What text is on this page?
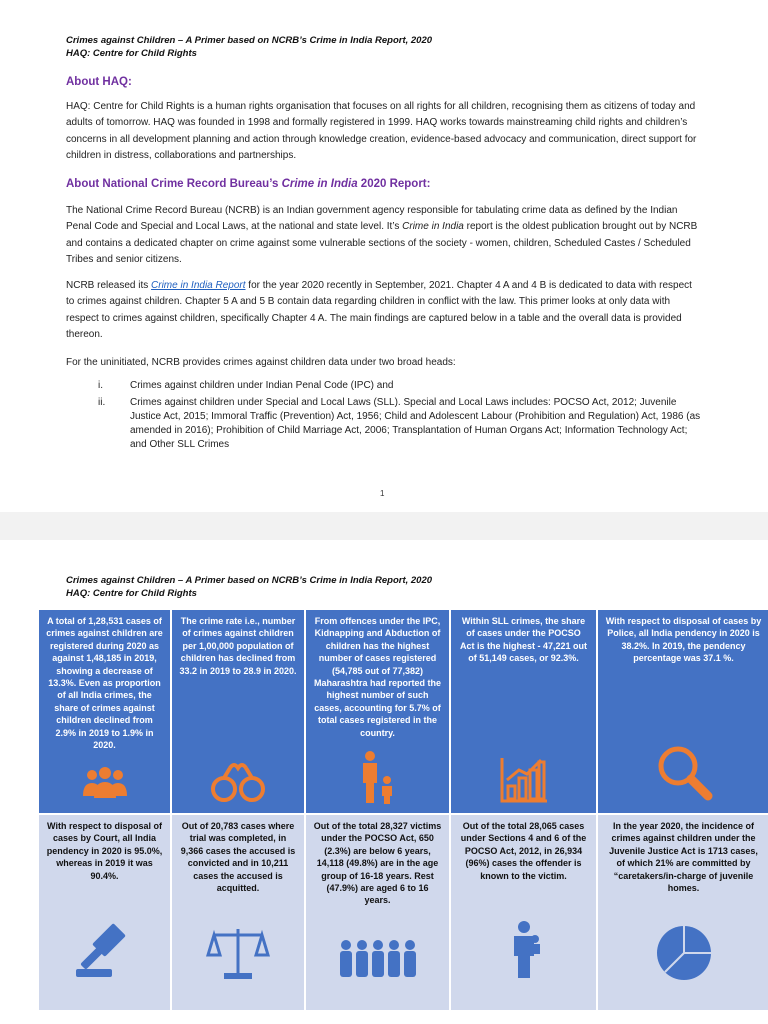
Crimes against Children – A Primer based on NCRB’s Crime in India Report, 2020
HAQ: Centre for Child Rights
About HAQ:

HAQ: Centre for Child Rights is a human rights organisation that focuses on all rights for all children, recognising them as citizens of today and adults of tomorrow. HAQ was founded in 1998 and formally registered in 1999. HAQ works towards mainstreaming child rights and children’s concerns in all development planning and action through knowledge creation, evidence-based advocacy and communication, direct support for children in distress, collaborations and partnerships.

About National Crime Record Bureau’s Crime in India 2020 Report:

The National Crime Record Bureau (NCRB) is an Indian government agency responsible for tabulating crime data as defined by the Indian Penal Code and Special and Local Laws, at the national and state level. It’s Crime in India report is the oldest publication brought out by NCRB and contains a dedicated chapter on crime against some vulnerable sections of the society - women, children, Scheduled Castes / Scheduled Tribes and senior citizens.

NCRB released its Crime in India Report for the year 2020 recently in September, 2021. Chapter 4 A and 4 B is dedicated to data with respect to crimes against children. Chapter 5 A and 5 B contain data regarding children in conflict with the law. This primer looks at only data with respect to crimes against children, specifically Chapter 4 A. The main findings are captured below in a table and the overall data is provided thereon.

For the uninitiated, NCRB provides crimes against children data under two broad heads:

i.	Crimes against children under Indian Penal Code (IPC) and
ii.	Crimes against children under Special and Local Laws (SLL). Special and Local Laws includes: POCSO Act, 2012; Juvenile Justice Act, 2015; Immoral Traffic (Prevention) Act, 1956; Child and Adolescent Labour (Prohibition and Regulation) Act, 1986 (as amended in 2016); Prohibition of Child Marriage Act, 2006; Transplantation of Human Organs Act; Information Technology Act; and Other SLL Crimes
1
Crimes against Children – A Primer based on NCRB’s Crime in India Report, 2020
HAQ: Centre for Child Rights
A total of 1,28,531 cases of crimes against children are registered during 2020 as against 1,48,185 in 2019, showing a decrease of 13.3%. Even as proportion of all India crimes, the share of crimes against children declined from 2.9% in 2019 to 1.9% in 2020.
The crime rate i.e., number of crimes against children per 1,00,000 population of children has declined from 33.2 in 2019 to 28.9 in 2020.
From offences under the IPC, Kidnapping and Abduction of children has the highest number of cases registered (54,785 out of 77,382) Maharashtra had reported the highest number of such cases, accounting for 5.7% of total cases registered in the country.
Within SLL crimes, the share of cases under the POCSO Act is the highest - 47,221 out of 51,149 cases, or 92.3%.
With respect to disposal of cases by Police, all India pendency in 2020 is 38.2%. In 2019, the pendency percentage was 37.1 %.
With respect to disposal of cases by Court, all India pendency in 2020 is 95.0%, whereas in 2019 it was 90.4%.
Out of 20,783 cases where trial was completed, in 9,366 cases the accused is convicted and in 10,211 cases the accused is acquitted.
Out of the total 28,327 victims under the POCSO Act, 650 (2.3%) are below 6 years, 14,118 (49.8%) are in the age group of 16-18 years. Rest (47.9%) are aged 6 to 16 years.
Out of the total 28,065 cases under Sections 4 and 6 of the POCSO Act, 2012, in 26,934 (96%) cases the offender is known to the victim.
In the year 2020, the incidence of crimes against children under the Juvenile Justice Act is 1713 cases, of which 21% are committed by “caretakers/in-charge of juvenile homes.
